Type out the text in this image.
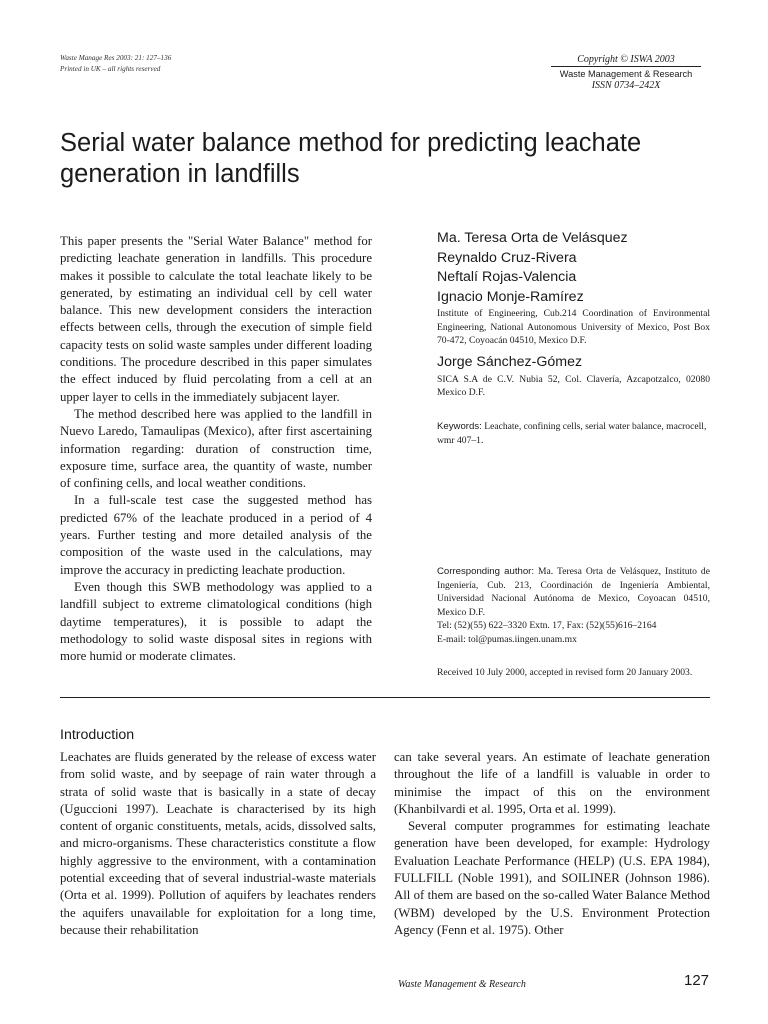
Waste Manage Res 2003: 21: 127–136
Printed in UK – all rights reserved
Copyright © ISWA 2003
Waste Management & Research
ISSN 0734–242X
Serial water balance method for predicting leachate generation in landfills

This paper presents the "Serial Water Balance" method for predicting leachate generation in landfills. This procedure makes it possible to calculate the total leachate likely to be generated, by estimating an individual cell by cell water balance. This new development considers the interaction effects between cells, through the execution of simple field capacity tests on solid waste samples under different loading conditions. The procedure described in this paper simulates the effect induced by fluid percolating from a cell at an upper layer to cells in the immediately subjacent layer.

The method described here was applied to the landfill in Nuevo Laredo, Tamaulipas (Mexico), after first ascertaining information regarding: duration of construction time, exposure time, surface area, the quantity of waste, number of confining cells, and local weather conditions.

In a full-scale test case the suggested method has predicted 67% of the leachate produced in a period of 4 years. Further testing and more detailed analysis of the composition of the waste used in the calculations, may improve the accuracy in predicting leachate production.

Even though this SWB methodology was applied to a landfill subject to extreme climatological conditions (high daytime temperatures), it is possible to adapt the methodology to solid waste disposal sites in regions with more humid or moderate climates.

Ma. Teresa Orta de Velásquez
Reynaldo Cruz-Rivera
Neftalí Rojas-Valencia
Ignacio Monje-Ramírez
Institute of Engineering, Cub.214 Coordination of Environmental Engineering, National Autonomous University of Mexico, Post Box 70-472, Coyoacán 04510, Mexico D.F.
Jorge Sánchez-Gómez
SICA S.A de C.V. Nubia 52, Col. Clavería, Azcapotzalco, 02080 Mexico D.F.
Keywords: Leachate, confining cells, serial water balance, macrocell, wmr 407–1.
Corresponding author: Ma. Teresa Orta de Velásquez, Instituto de Ingeniería, Cub. 213, Coordinación de Ingeniería Ambiental, Universidad Nacional Autónoma de Mexico, Coyoacan 04510, Mexico D.F.
Tel: (52)(55) 622–3320 Extn. 17, Fax: (52)(55)616–2164
E-mail: tol@pumas.iingen.unam.mx
Received 10 July 2000, accepted in revised form 20 January 2003.
Introduction

Leachates are fluids generated by the release of excess water from solid waste, and by seepage of rain water through a strata of solid waste that is basically in a state of decay (Uguccioni 1997). Leachate is characterised by its high content of organic constituents, metals, acids, dissolved salts, and micro-organisms. These characteristics constitute a flow highly aggressive to the environment, with a contamination potential exceeding that of several industrial-waste materials (Orta et al. 1999). Pollution of aquifers by leachates renders the aquifers unavailable for exploitation for a long time, because their rehabilitation

can take several years. An estimate of leachate generation throughout the life of a landfill is valuable in order to minimise the impact of this on the environment (Khanbilvardi et al. 1995, Orta et al. 1999).

Several computer programmes for estimating leachate generation have been developed, for example: Hydrology Evaluation Leachate Performance (HELP) (U.S. EPA 1984), FULLFILL (Noble 1991), and SOILINER (Johnson 1986). All of them are based on the so-called Water Balance Method (WBM) developed by the U.S. Environment Protection Agency (Fenn et al. 1975). Other

Waste Management & Research	127
